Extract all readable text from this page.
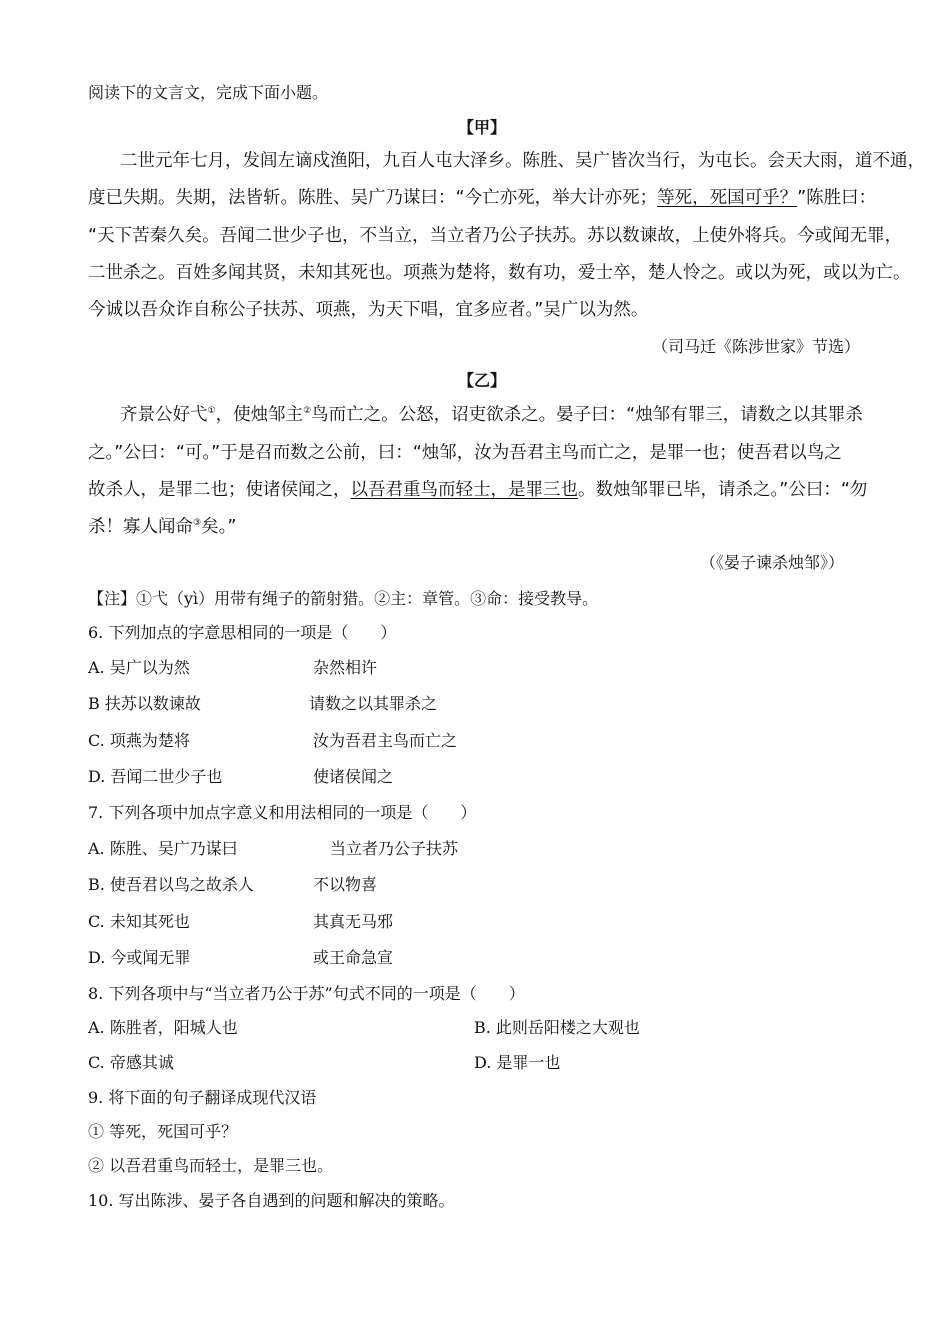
阅读下的文言文，完成下面小题。
【甲】
二世元年七月，发闾左谪戍渔阳，九百人屯大泽乡。陈胜、吴广皆次当行，为屯长。会天大雨，道不通，
度已失期。失期，法皆斩。陈胜、吴广乃谋曰：“今亡亦死，举大计亦死；等死，死国可乎？”陈胜曰：
“天下苦秦久矣。吾闻二世少子也，不当立，当立者乃公子扶苏。苏以数谏故，上使外将兵。今或闻无罪，
二世杀之。百姓多闻其贤，未知其死也。项燕为楚将，数有功，爱士卒，楚人怜之。或以为死，或以为亡。
今诚以吾众诈自称公子扶苏、项燕，为天下唱，宜多应者。”吴广以为然。
（司马迁《陈涉世家》节选）
【乙】
齐景公好弋①，使烛邹主②鸟而亡之。公怒，诏吏欲杀之。晏子曰：“烛邹有罪三，请数之以其罪杀
之。”公曰：“可。”于是召而数之公前，曰：“烛邹，汝为吾君主鸟而亡之，是罪一也；使吾君以鸟之
故杀人，是罪二也；使诸侯闻之，以吾君重鸟而轻士，是罪三也。数烛邹罪已毕，请杀之。”公曰：“勿
杀！寡人闻命③矣。”
（《晏子谏杀烛邹》）
【注】①弋（yì）用带有绳子的箭射猎。②主：章管。③命：接受教导。
6. 下列加点的字意思相同的一项是（　　）
A. 吴广以为然	杂然相许
B 扶苏以数谏故	请数之以其罪杀之
C. 项燕为楚将	汝为吾君主鸟而亡之
D. 吾闻二世少子也	使诸侯闻之
7. 下列各项中加点字意义和用法相同的一项是（　　）
A. 陈胜、吴广乃谋曰	当立者乃公子扶苏
B. 使吾君以鸟之故杀人	不以物喜
C. 未知其死也	其真无马邪
D. 今或闻无罪	或王命急宣
8. 下列各项中与“当立者乃公于苏”句式不同的一项是（　　）
A. 陈胜者，阳城人也	B. 此则岳阳楼之大观也
C. 帝感其诚	D. 是罪一也
9. 将下面的句子翻译成现代汉语
① 等死，死国可乎？
② 以吾君重鸟而轻士，是罪三也。
10. 写出陈涉、晏子各自遇到的问题和解决的策略。
